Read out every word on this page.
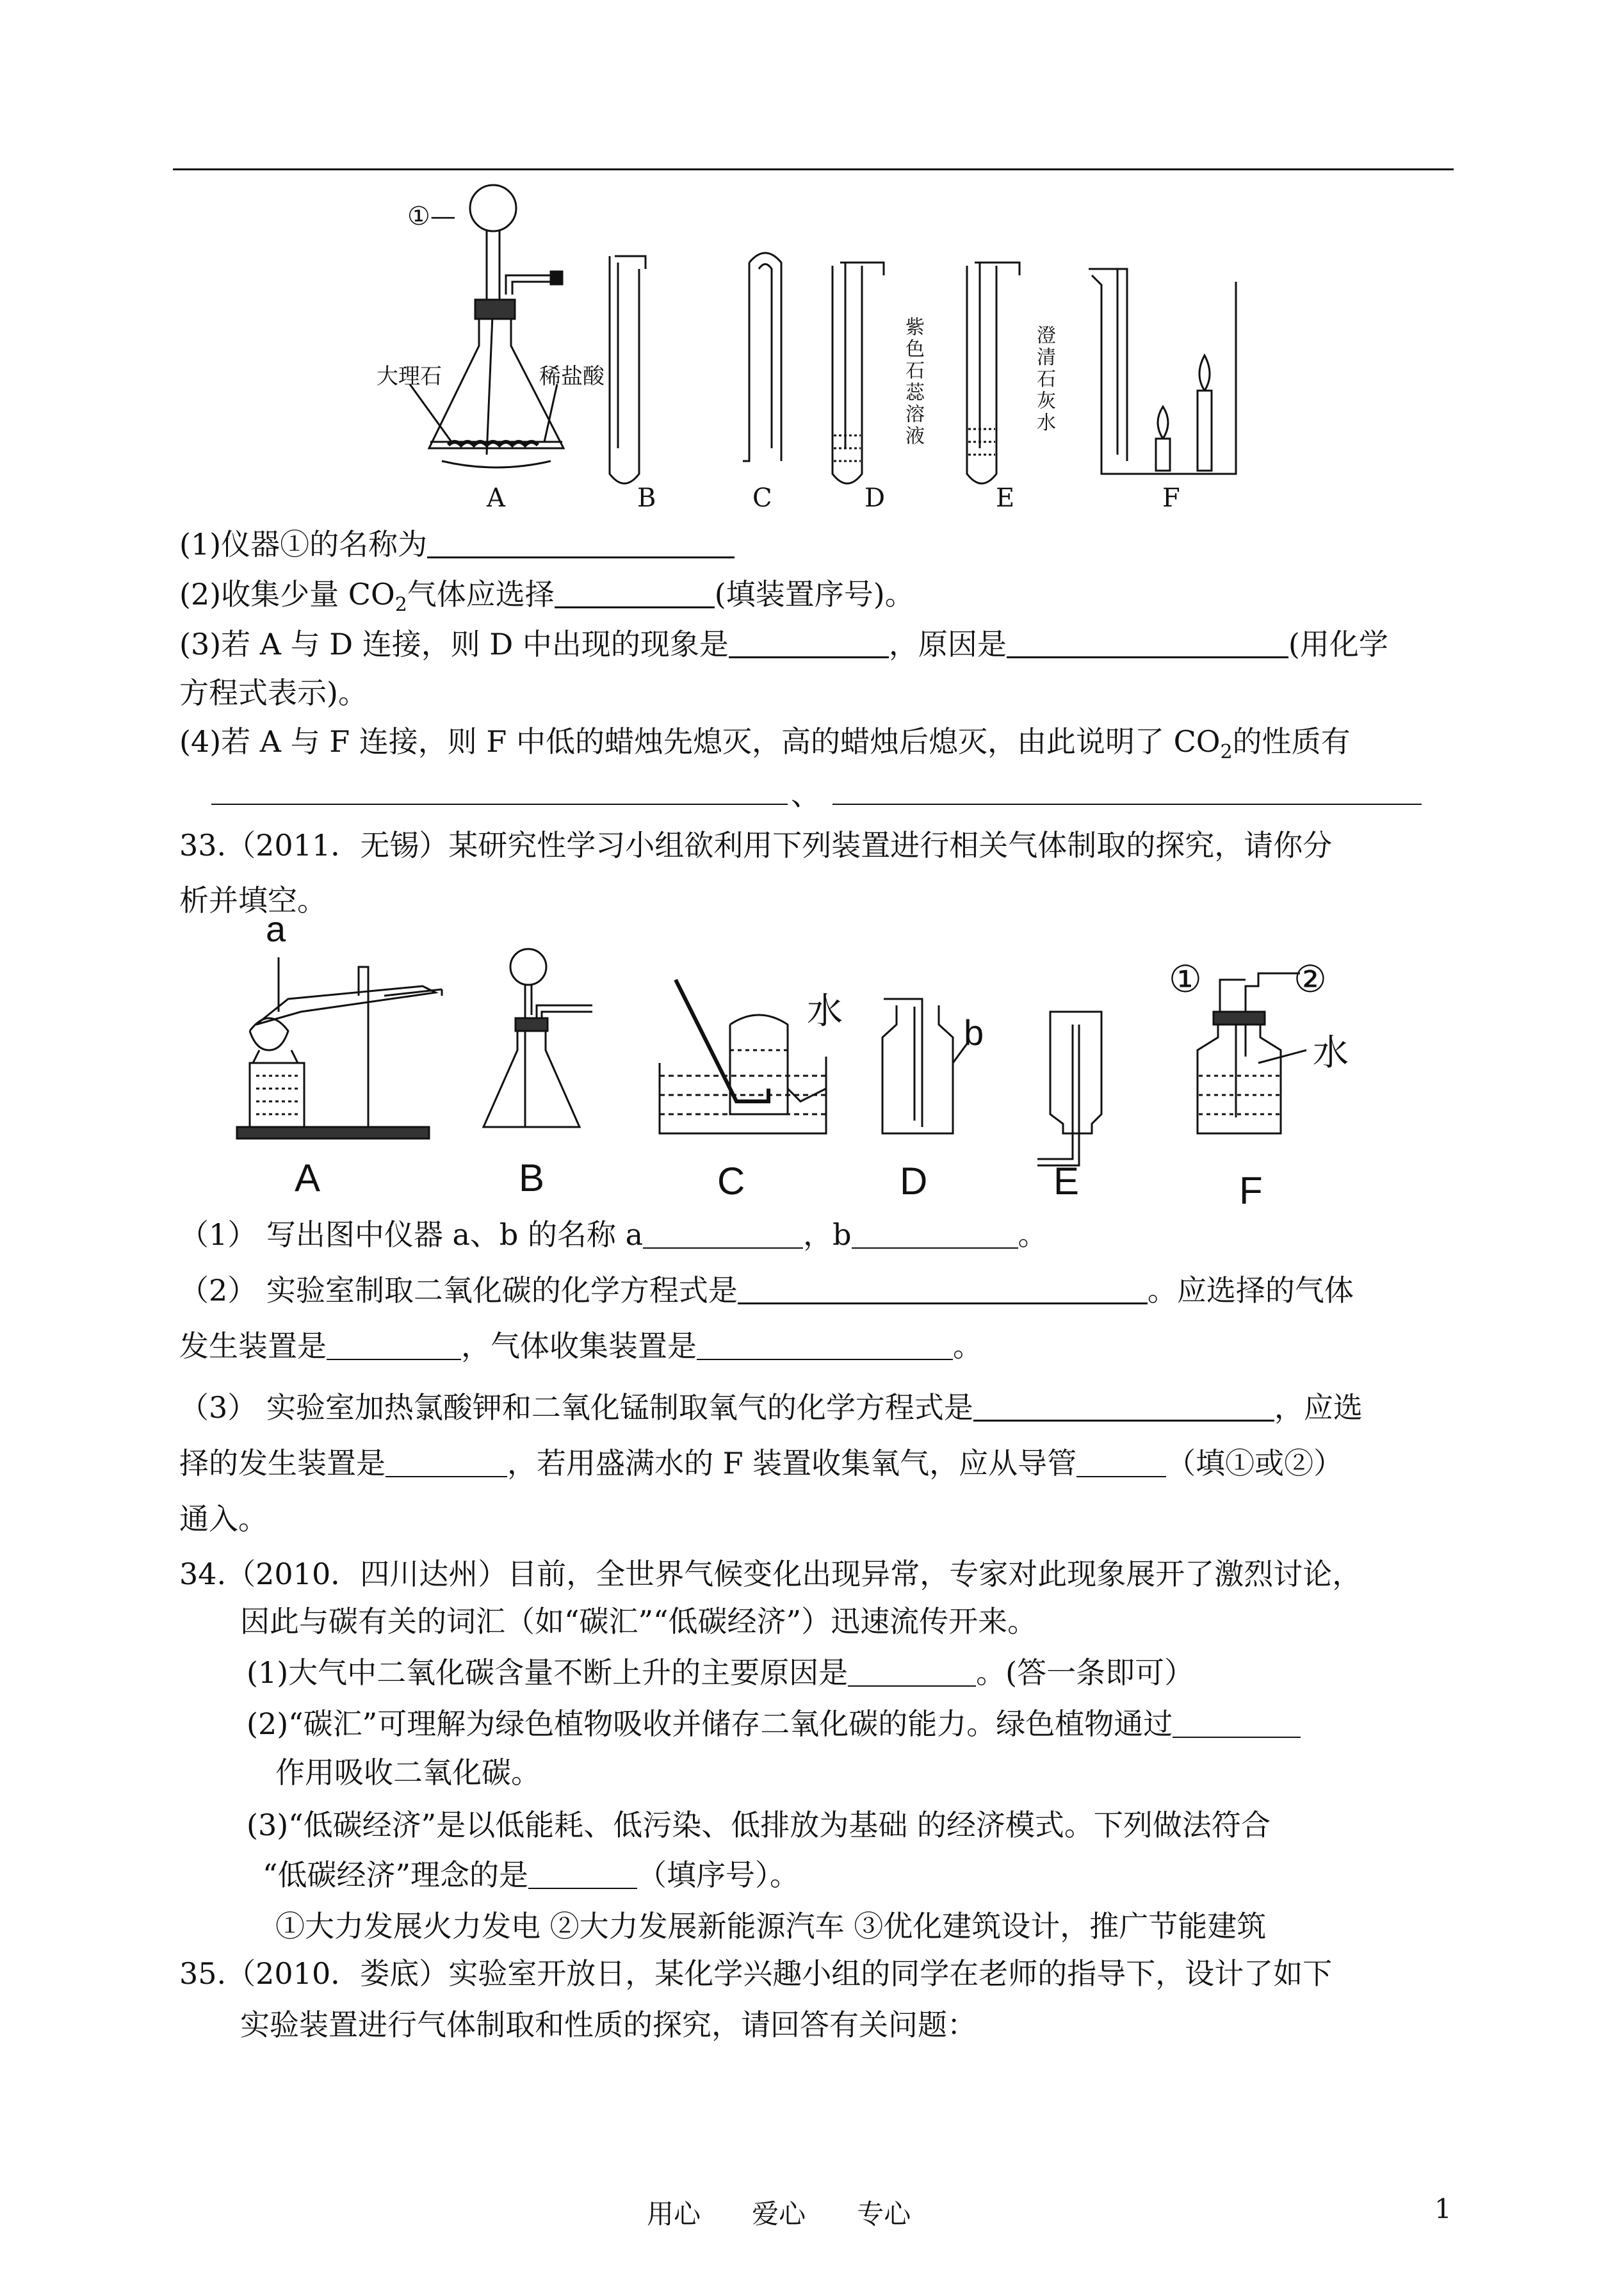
①—
大理石	稀盐酸
紫色石蕊溶液
澄清石灰水
A	B	C	D	E	F
(1)仪器①的名称为
(2)收集少量 $CO_2$气体应选择	(填装置序号)。
(3)若 A 与 D 连接，则 D 中出现的现象是	，原因是	(用化学
方程式表示)。
(4)若 A 与 F 连接，则 F 中低的蜡烛先熄灭，高的蜡烛后熄灭，由此说明了 $CO_2$的性质有
、
33.（2011．无锡）某研究性学习小组欲利用下列装置进行相关气体制取的探究，请你分
析并填空。
a
b
水
水
① ②
A	B	C	D	E	F
（1） 写出图中仪器 a、b 的名称 a	，b	。
（2） 实验室制取二氧化碳的化学方程式是	。应选择的气体
发生装置是	，气体收集装置是	。
（3） 实验室加热氯酸钾和二氧化锰制取氧气的化学方程式是	，应选
择的发生装置是	，若用盛满水的 F 装置收集氧气，应从导管	（填①或②）
通入。
34.（2010．四川达州）目前，全世界气候变化出现异常，专家对此现象展开了激烈讨论，
因此与碳有关的词汇（如“碳汇”“低碳经济”）迅速流传开来。
(1)大气中二氧化碳含量不断上升的主要原因是	。(答一条即可）
(2)“碳汇”可理解为绿色植物吸收并储存二氧化碳的能力。绿色植物通过
作用吸收二氧化碳。
(3)“低碳经济”是以低能耗、低污染、低排放为基础 的经济模式。下列做法符合
“低碳经济”理念的是	（填序号）。
①大力发展火力发电 ②大力发展新能源汽车 ③优化建筑设计，推广节能建筑
35.（2010．娄底）实验室开放日，某化学兴趣小组的同学在老师的指导下，设计了如下
实验装置进行气体制取和性质的探究，请回答有关问题：
用心      爱心      专心	1
